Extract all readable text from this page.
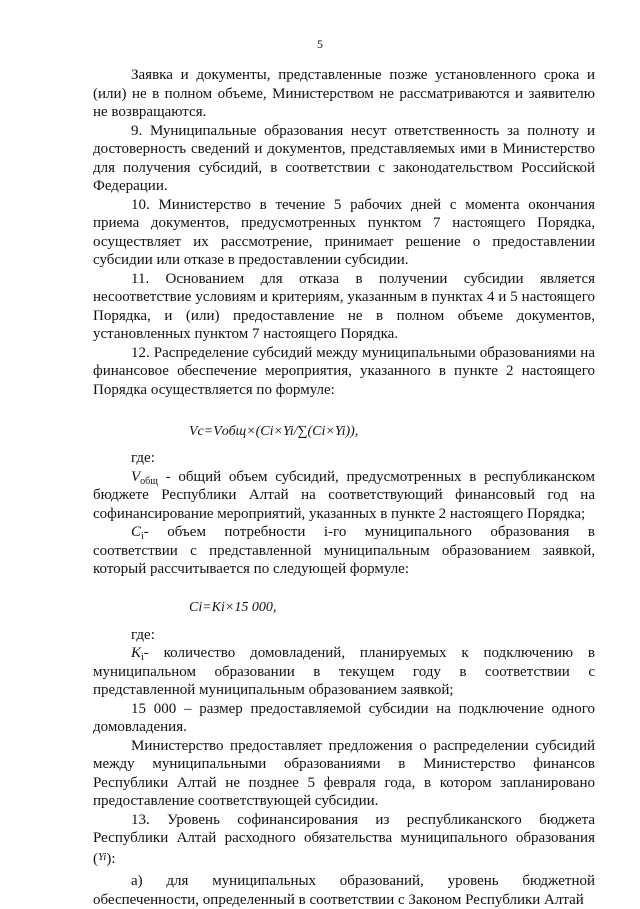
5

Заявка и документы, представленные позже установленного срока и (или) не в полном объеме, Министерством не рассматриваются и заявителю не возвращаются.

9. Муниципальные образования несут ответственность за полноту и достоверность сведений и документов, представляемых ими в Министерство для получения субсидий, в соответствии с законодательством Российской Федерации.

10. Министерство в течение 5 рабочих дней с момента окончания приема документов, предусмотренных пунктом 7 настоящего Порядка, осуществляет их рассмотрение, принимает решение о предоставлении субсидии или отказе в предоставлении субсидии.

11. Основанием для отказа в получении субсидии является несоответствие условиям и критериям, указанным в пунктах 4 и 5 настоящего Порядка, и (или) предоставление не в полном объеме документов, установленных пунктом 7 настоящего Порядка.

12. Распределение субсидий между муниципальными образованиями на финансовое обеспечение мероприятия, указанного в пункте 2 настоящего Порядка осуществляется по формуле:

Vc=Vобщ×(Ci×Yi/∑(Ci×Yi)),

где:

$V_{общ}$ - общий объем субсидий, предусмотренных в республиканском бюджете Республики Алтай на соответствующий финансовый год на софинансирование мероприятий, указанных в пункте 2 настоящего Порядка;

$C_i-$ объем потребности i-го муниципального образования в соответствии с представленной муниципальным образованием заявкой, который рассчитывается по следующей формуле:

Ci=Ki×15 000,

где:

$K_i-$ количество домовладений, планируемых к подключению в муниципальном образовании в текущем году в соответствии с представленной муниципальным образованием заявкой;

15 000 – размер предоставляемой субсидии на подключение одного домовладения.

Министерство предоставляет предложения о распределении субсидий между муниципальными образованиями в Министерство финансов Республики Алтай не позднее 5 февраля года, в котором запланировано предоставление соответствующей субсидии.

13. Уровень софинансирования из республиканского бюджета Республики Алтай расходного обязательства муниципального образования ($^{Yi}$):

а) для муниципальных образований, уровень бюджетной обеспеченности, определенный в соответствии с Законом Республики Алтай
